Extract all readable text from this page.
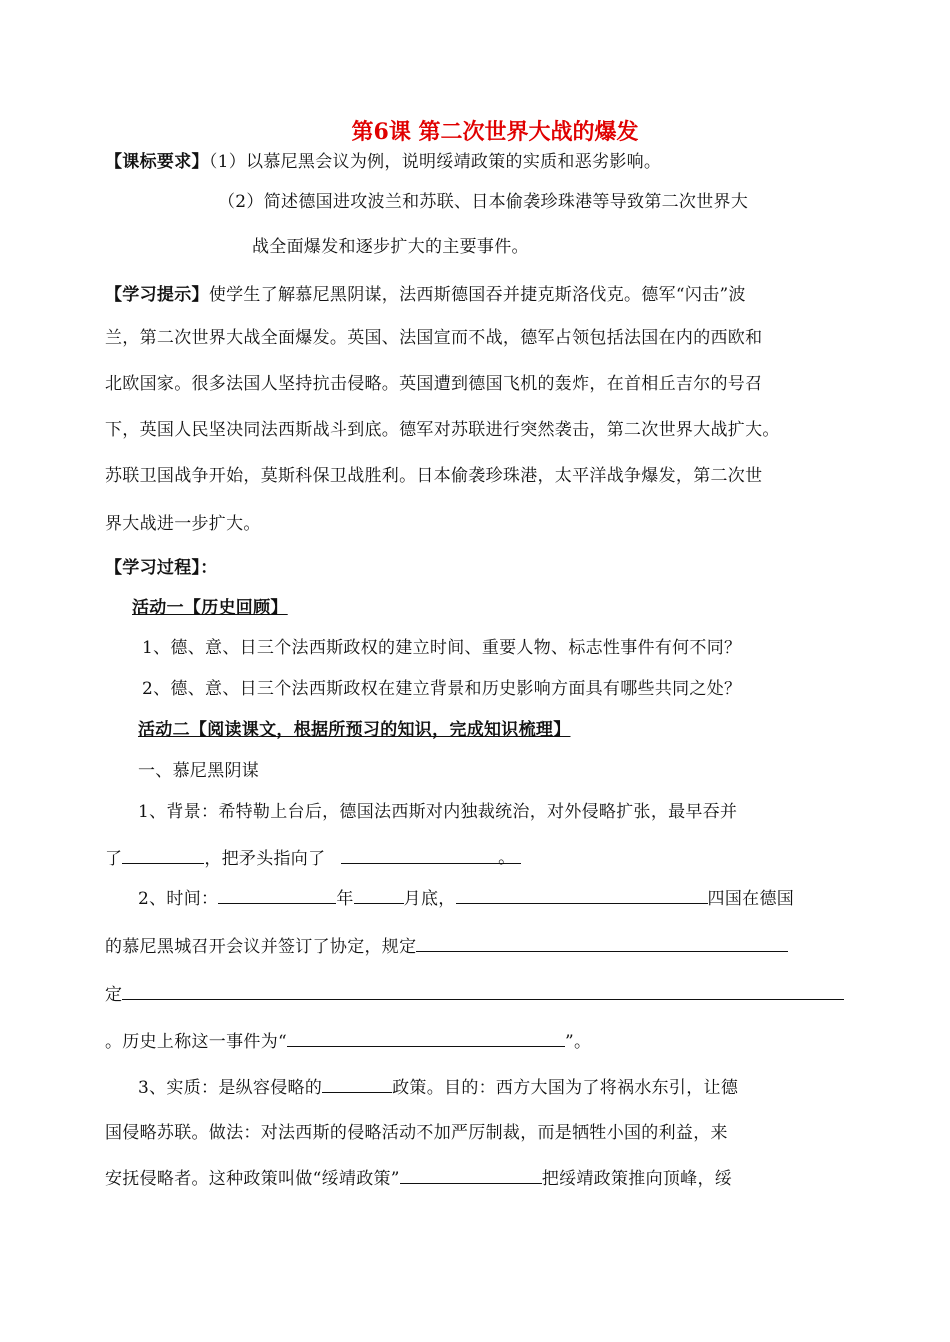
第6课 第二次世界大战的爆发
【课标要求】（1）以慕尼黑会议为例，说明绥靖政策的实质和恶劣影响。
（2）简述德国进攻波兰和苏联、日本偷袭珍珠港等导致第二次世界大
战全面爆发和逐步扩大的主要事件。
【学习提示】使学生了解慕尼黑阴谋，法西斯德国吞并捷克斯洛伐克。德军“闪击”波
兰，第二次世界大战全面爆发。英国、法国宣而不战，德军占领包括法国在内的西欧和
北欧国家。很多法国人坚持抗击侵略。英国遭到德国飞机的轰炸，在首相丘吉尔的号召
下，英国人民坚决同法西斯战斗到底。德军对苏联进行突然袭击，第二次世界大战扩大。
苏联卫国战争开始，莫斯科保卫战胜利。日本偷袭珍珠港，太平洋战争爆发，第二次世
界大战进一步扩大。
【学习过程】：
活动一【历史回顾】
1、德、意、日三个法西斯政权的建立时间、重要人物、标志性事件有何不同？
2、德、意、日三个法西斯政权在建立背景和历史影响方面具有哪些共同之处？
活动二【阅读课文，根据所预习的知识，完成知识梳理】
一、慕尼黑阴谋
1、背景：希特勒上台后，德国法西斯对内独裁统治，对外侵略扩张，最早吞并
了	，把矛头指向了	。
2、时间：	年	月底，	四国在德国
的慕尼黑城召开会议并签订了协定，规定
定
。历史上称这一事件为“	”。
3、实质：是纵容侵略的	政策。目的：西方大国为了将祸水东引，让德
国侵略苏联。做法：对法西斯的侵略活动不加严厉制裁，而是牺牲小国的利益，来
安抚侵略者。这种政策叫做“绥靖政策”	把绥靖政策推向顶峰，绥
